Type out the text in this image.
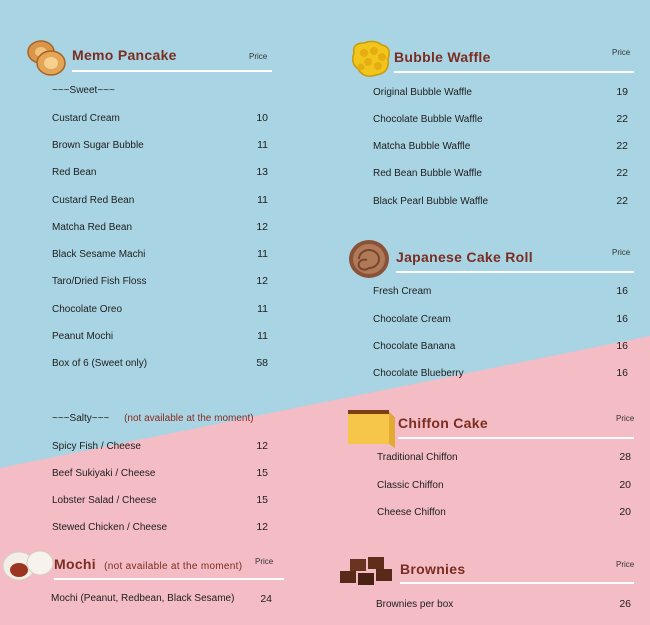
Memo Pancake	Price
~~~Sweet~~~
Custard Cream	10
Brown Sugar Bubble	11
Red Bean	13
Custard Red Bean	11
Matcha Red Bean	12
Black Sesame Machi	11
Taro/Dried Fish Floss	12
Chocolate Oreo	11
Peanut Mochi	11
Box of 6 (Sweet only)	58
~~~Salty~~~ (not available at the moment)
Spicy Fish / Cheese	12
Beef Sukiyaki / Cheese	15
Lobster Salad / Cheese	15
Stewed Chicken / Cheese	12
Mochi (not available at the moment) Price
Mochi (Peanut, Redbean, Black Sesame)	24
Bubble Waffle	Price
Original Bubble Waffle	19
Chocolate Bubble Waffle	22
Matcha Bubble Waffle	22
Red Bean Bubble Waffle	22
Black Pearl Bubble Waffle	22
Japanese Cake Roll	Price
Fresh Cream	16
Chocolate Cream	16
Chocolate Banana	16
Chocolate Blueberry	16
Chiffon Cake	Price
Traditional Chiffon	28
Classic Chiffon	20
Cheese Chiffon	20
Brownies	Price
Brownies per box	26
